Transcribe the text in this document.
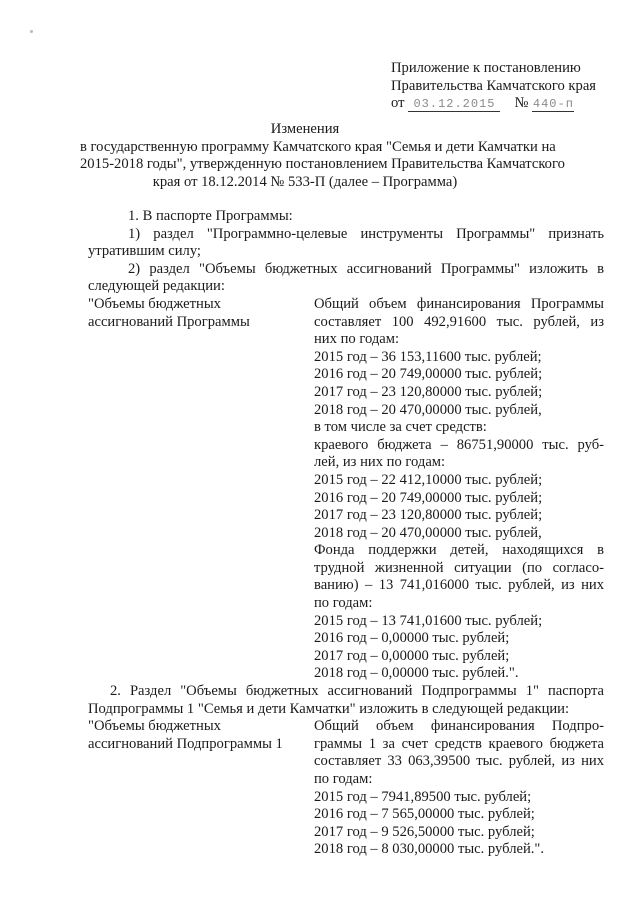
Приложение к постановлению
Правительства Камчатского края
от 03.12.2015	№ 440-п
Изменения
в государственную программу Камчатского края "Семья и дети Камчатки на
2015-2018 годы", утвержденную постановлением Правительства Камчатского
края от 18.12.2014 № 533-П (далее – Программа)
1. В паспорте Программы:
1) раздел "Программно-целевые инструменты Программы" признать
утратившим силу;
2) раздел "Объемы бюджетных ассигнований Программы" изложить в
следующей редакции:
"Объемы бюджетных
ассигнований Программы
Общий объем финансирования Программы
составляет 100 492,91600 тыс. рублей, из
них по годам:
2015 год – 36 153,11600 тыс. рублей;
2016 год – 20 749,00000 тыс. рублей;
2017 год – 23 120,80000 тыс. рублей;
2018 год – 20 470,00000 тыс. рублей,
в том числе за счет средств:
краевого бюджета – 86751,90000 тыс. руб-
лей, из них по годам:
2015 год – 22 412,10000 тыс. рублей;
2016 год – 20 749,00000 тыс. рублей;
2017 год – 23 120,80000 тыс. рублей;
2018 год – 20 470,00000 тыс. рублей,
Фонда поддержки детей, находящихся в
трудной жизненной ситуации (по согласо-
ванию) – 13 741,016000 тыс. рублей, из них
по годам:
2015 год – 13 741,01600 тыс. рублей;
2016 год – 0,00000 тыс. рублей;
2017 год – 0,00000 тыс. рублей;
2018 год – 0,00000 тыс. рублей.".
2. Раздел "Объемы бюджетных ассигнований Подпрограммы 1" паспорта
Подпрограммы 1 "Семья и дети Камчатки" изложить в следующей редакции:
"Объемы бюджетных
ассигнований Подпрограммы 1
Общий объем финансирования Подпро-
граммы 1 за счет средств краевого бюджета
составляет 33 063,39500 тыс. рублей, из них
по годам:
2015 год – 7941,89500 тыс. рублей;
2016 год – 7 565,00000 тыс. рублей;
2017 год – 9 526,50000 тыс. рублей;
2018 год – 8 030,00000 тыс. рублей.".
